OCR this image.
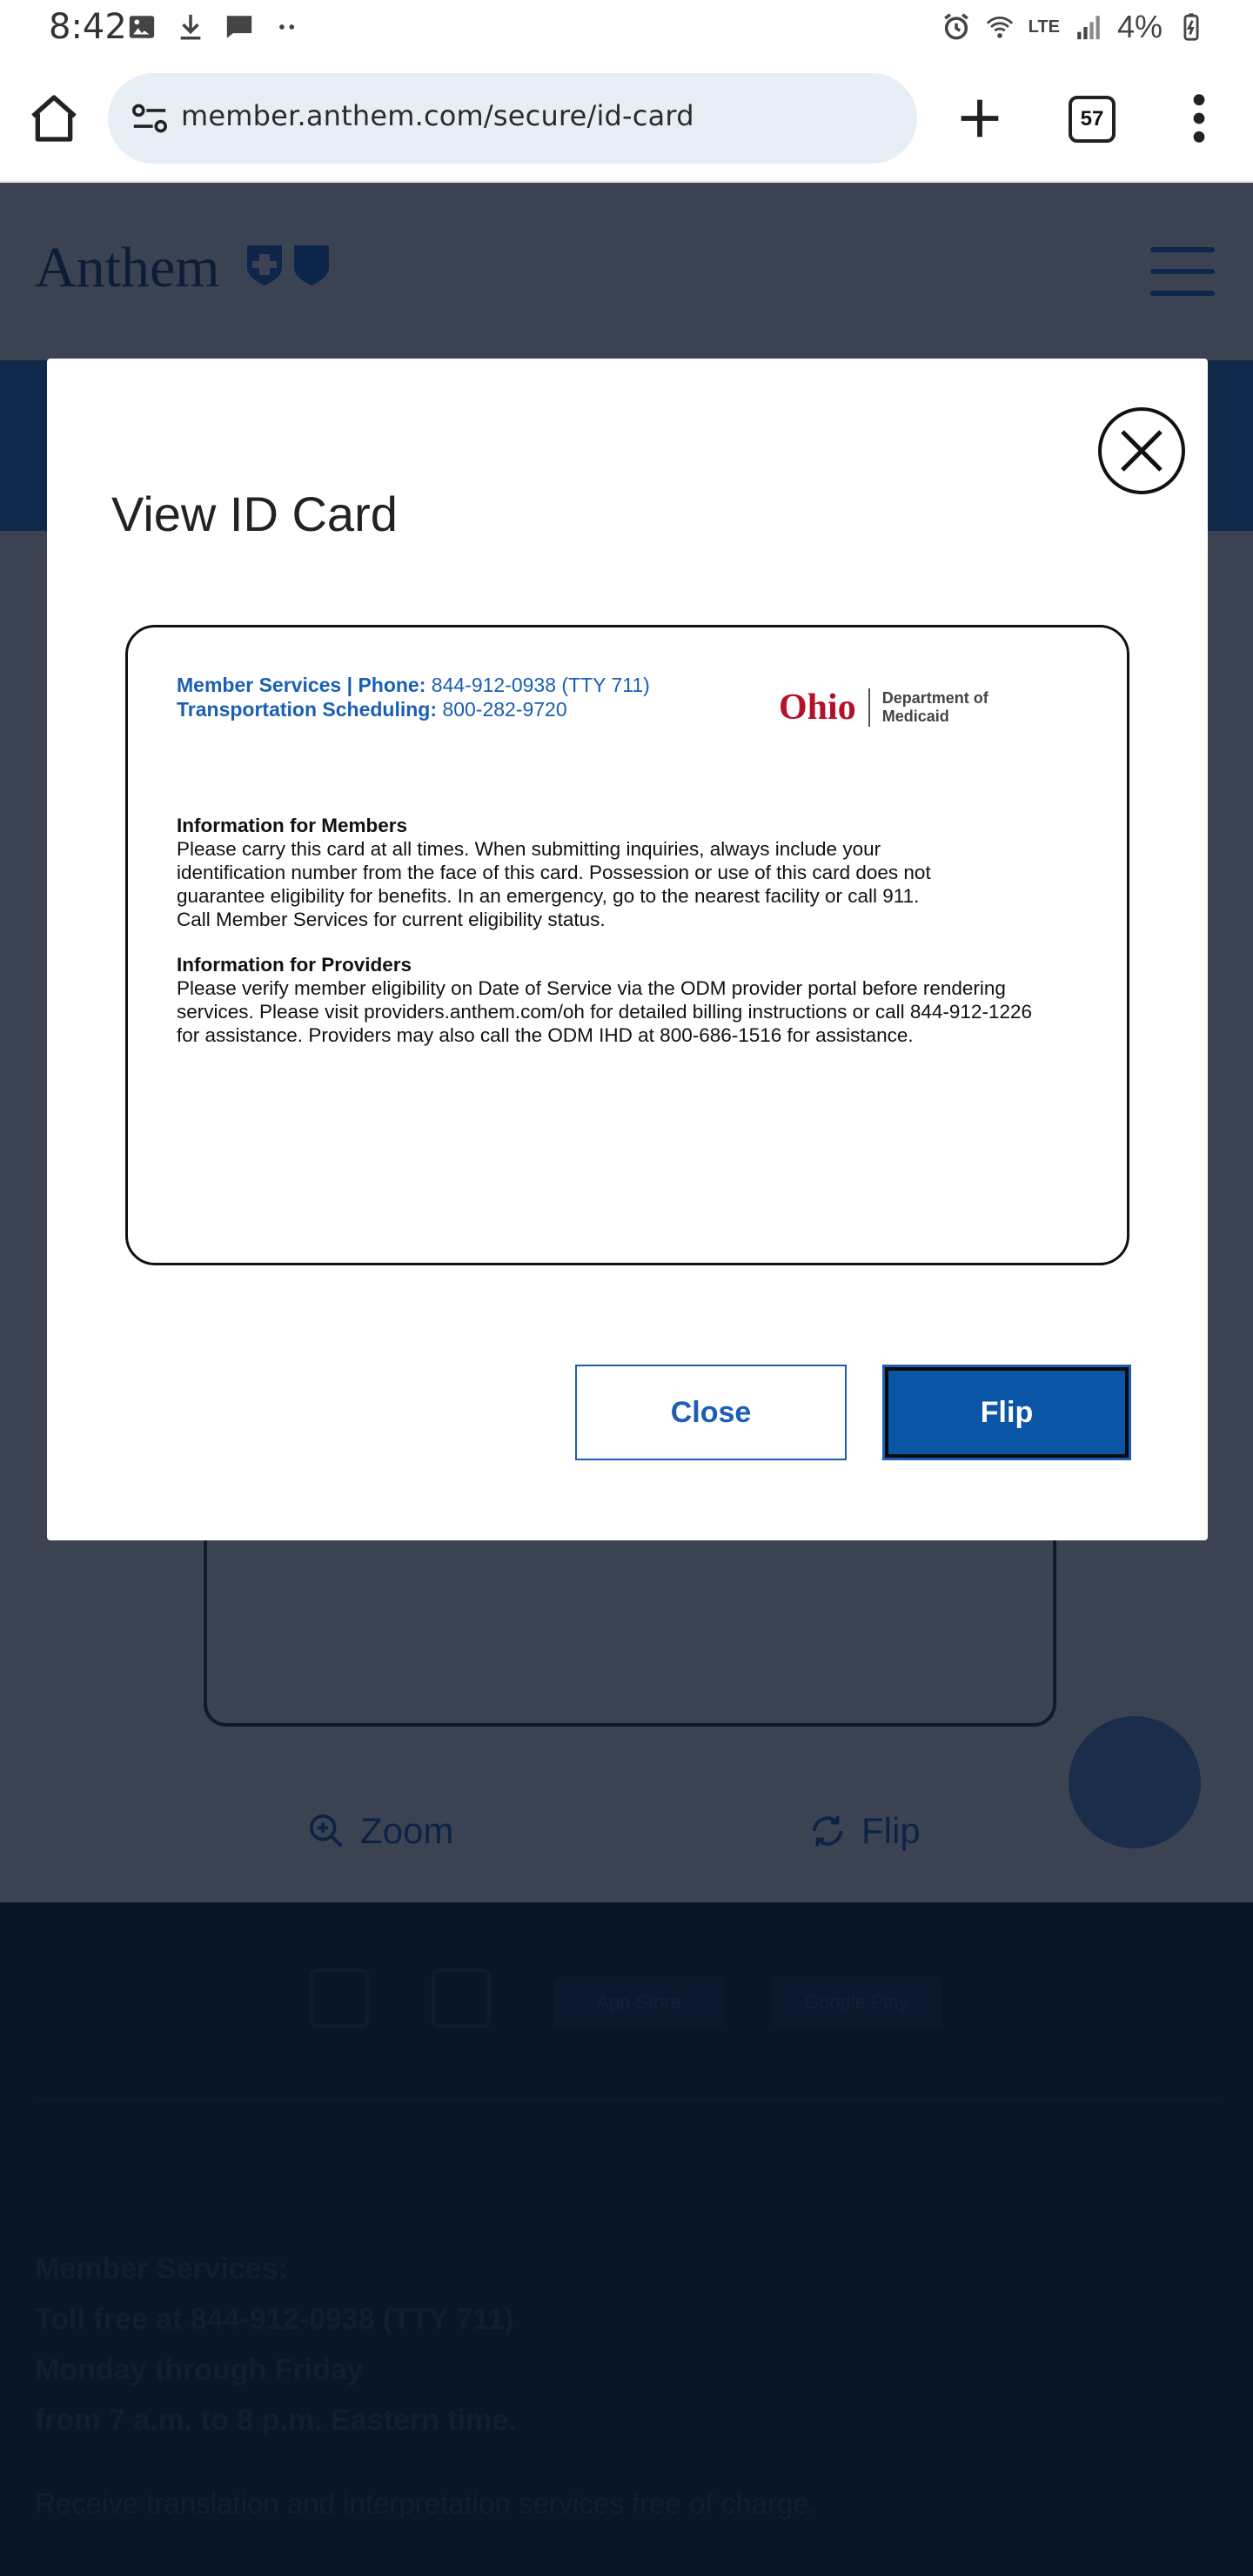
8:42	LTE 4%
member.anthem.com/secure/id-card	57
View ID Card
Member Services | Phone: 844-912-0938 (TTY 711)
Transportation Scheduling: 800-282-9720	Ohio Department of
Medicaid
Information for Members

Please carry this card at all times. When submitting inquiries, always include your

identification number from the face of this card. Possession or use of this card does not

guarantee eligibility for benefits. In an emergency, go to the nearest facility or call 911.

Call Member Services for current eligibility status.

Information for Providers

Please verify member eligibility on Date of Service via the ODM provider portal before rendering

services. Please visit providers.anthem.com/oh for detailed billing instructions or call 844-912-1226

for assistance. Providers may also call the ODM IHD at 800-686-1516 for assistance.

Close	Flip
